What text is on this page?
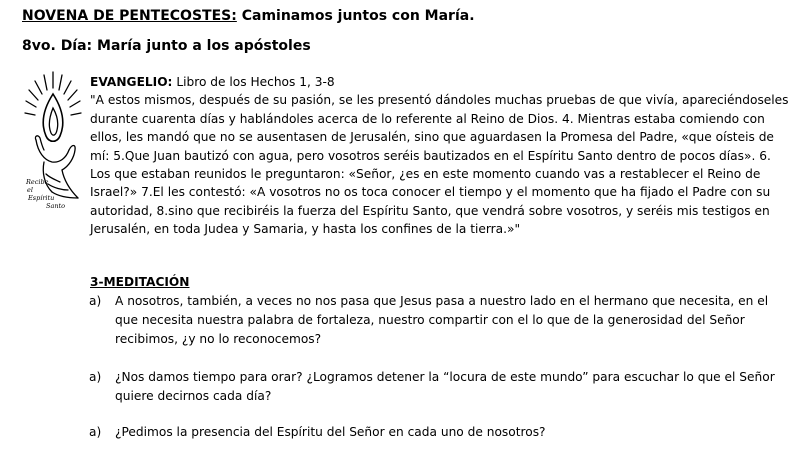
NOVENA DE PENTECOSTES: Caminamos juntos con María.
8vo. Día: María junto a los apóstoles
Recibe
el
Espíritu
Santo
EVANGELIO: Libro de los Hechos 1, 3-8

"A estos mismos, después de su pasión, se les presentó dándoles muchas pruebas de que vivía, apareciéndoseles durante cuarenta días y hablándoles acerca de lo referente al Reino de Dios. 4. Mientras estaba comiendo con ellos, les mandó que no se ausentasen de Jerusalén, sino que aguardasen la Promesa del Padre, «que oísteis de mí: 5.Que Juan bautizó con agua, pero vosotros seréis bautizados en el Espíritu Santo dentro de pocos días». 6. Los que estaban reunidos le preguntaron: «Señor, ¿es en este momento cuando vas a restablecer el Reino de Israel?» 7.El les contestó: «A vosotros no os toca conocer el tiempo y el momento que ha fijado el Padre con su autoridad, 8.sino que recibiréis la fuerza del Espíritu Santo, que vendrá sobre vosotros, y seréis mis testigos en Jerusalén, en toda Judea y Samaria, y hasta los confines de la tierra.»"

3-MEDITACIÓN
a)	A nosotros, también, a veces no nos pasa que Jesus pasa a nuestro lado en el hermano que necesita, en el que necesita nuestra palabra de fortaleza, nuestro compartir con el lo que de la generosidad del Señor recibimos, ¿y no lo reconocemos?
a)	¿Nos damos tiempo para orar? ¿Logramos detener la “locura de este mundo” para escuchar lo que el Señor quiere decirnos cada día?
a)	¿Pedimos la presencia del Espíritu del Señor en cada uno de nosotros?
